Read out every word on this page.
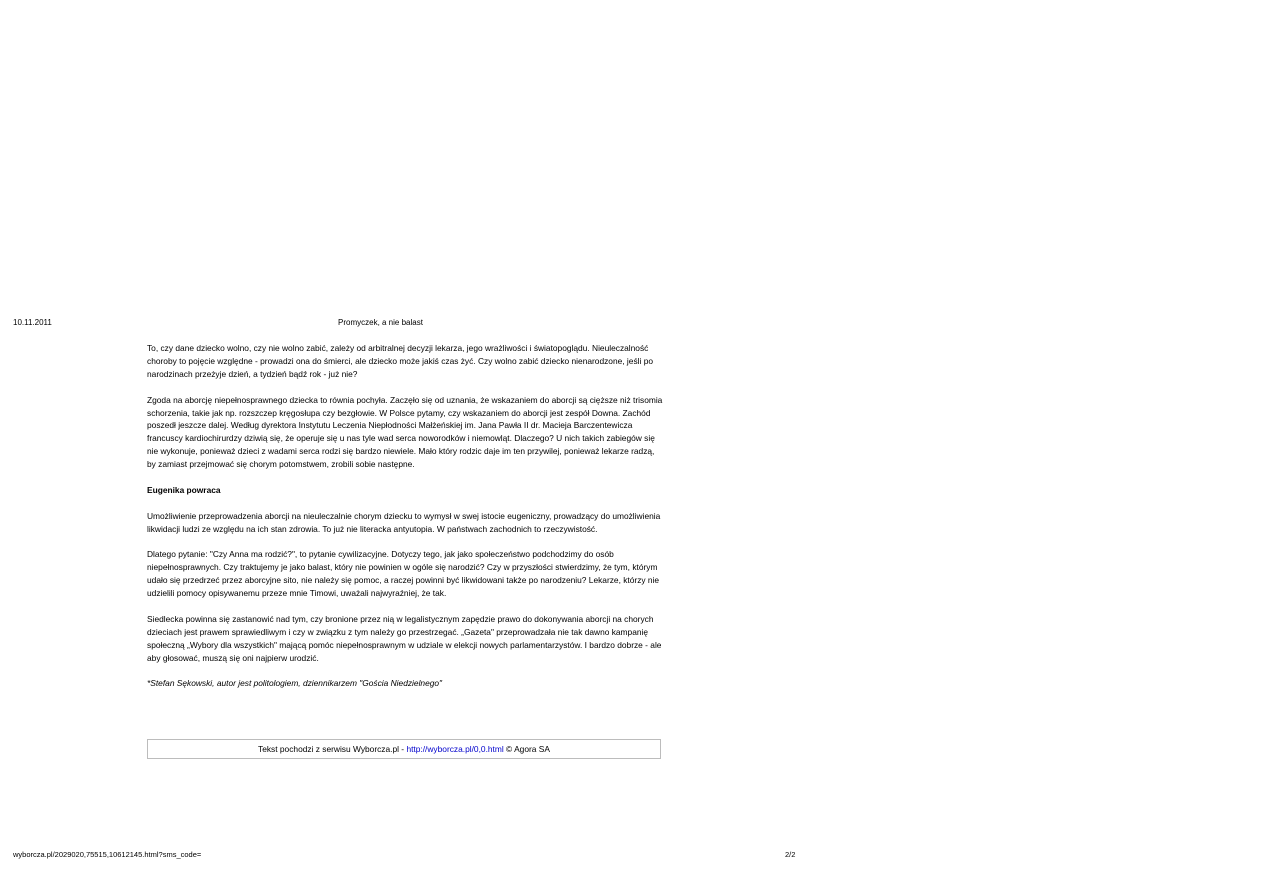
10.11.2011	Promyczek, a nie balast

To, czy dane dziecko wolno, czy nie wolno zabić, zależy od arbitralnej decyzji lekarza, jego wrażliwości i światopoglądu. Nieuleczalność choroby to pojęcie względne - prowadzi ona do śmierci, ale dziecko może jakiś czas żyć. Czy wolno zabić dziecko nienarodzone, jeśli po narodzinach przeżyje dzień, a tydzień bądź rok - już nie?

Zgoda na aborcję niepełnosprawnego dziecka to równia pochyła. Zaczęło się od uznania, że wskazaniem do aborcji są cięższe niż trisomia schorzenia, takie jak np. rozszczep kręgosłupa czy bezgłowie. W Polsce pytamy, czy wskazaniem do aborcji jest zespół Downa. Zachód poszedł jeszcze dalej. Według dyrektora Instytutu Leczenia Niepłodności Małżeńskiej im. Jana Pawła II dr. Macieja Barczentewicza francuscy kardiochirurdzy dziwią się, że operuje się u nas tyle wad serca noworodków i niemowląt. Dlaczego? U nich takich zabiegów się nie wykonuje, ponieważ dzieci z wadami serca rodzi się bardzo niewiele. Mało który rodzic daje im ten przywilej, ponieważ lekarze radzą, by zamiast przejmować się chorym potomstwem, zrobili sobie następne.

Eugenika powraca

Umożliwienie przeprowadzenia aborcji na nieuleczalnie chorym dziecku to wymysł w swej istocie eugeniczny, prowadzący do umożliwienia likwidacji ludzi ze względu na ich stan zdrowia. To już nie literacka antyutopia. W państwach zachodnich to rzeczywistość.

Dlatego pytanie: "Czy Anna ma rodzić?", to pytanie cywilizacyjne. Dotyczy tego, jak jako społeczeństwo podchodzimy do osób niepełnosprawnych. Czy traktujemy je jako balast, który nie powinien w ogóle się narodzić? Czy w przyszłości stwierdzimy, że tym, którym udało się przedrzeć przez aborcyjne sito, nie należy się pomoc, a raczej powinni być likwidowani także po narodzeniu? Lekarze, którzy nie udzielili pomocy opisywanemu przeze mnie Timowi, uważali najwyraźniej, że tak.

Siedlecka powinna się zastanowić nad tym, czy bronione przez nią w legalistycznym zapędzie prawo do dokonywania aborcji na chorych dzieciach jest prawem sprawiedliwym i czy w związku z tym należy go przestrzegać. „Gazeta" przeprowadzała nie tak dawno kampanię społeczną „Wybory dla wszystkich" mającą pomóc niepełnosprawnym w udziale w elekcji nowych parlamentarzystów. I bardzo dobrze - ale aby głosować, muszą się oni najpierw urodzić.

*Stefan Sękowski, autor jest politologiem, dziennikarzem "Gościa Niedzielnego"

Tekst pochodzi z serwisu Wyborcza.pl - http://wyborcza.pl/0,0.html © Agora SA
wyborcza.pl/2029020,75515,10612145.html?sms_code=	2/2
